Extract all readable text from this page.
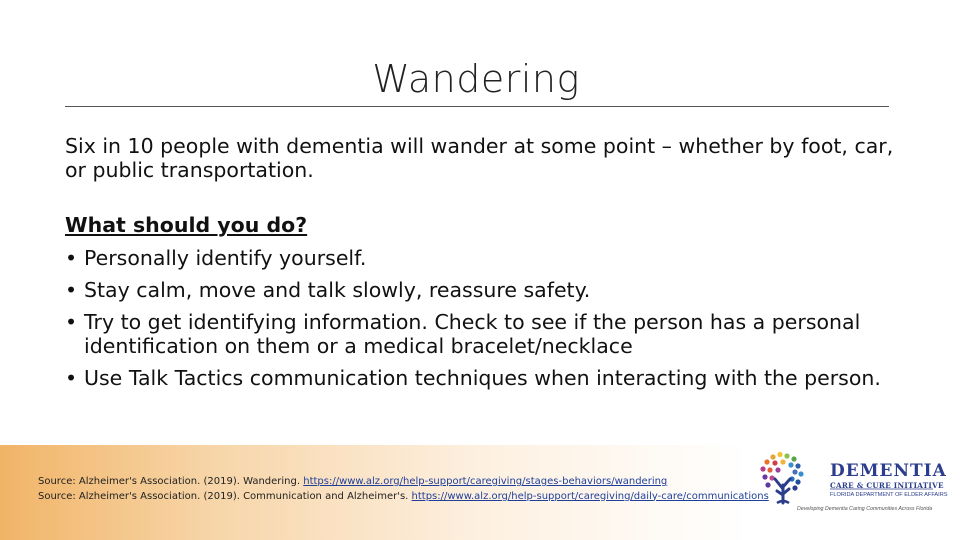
Wandering
Six in 10 people with dementia will wander at some point – whether by foot, car, or public transportation.
What should you do?
• Personally identify yourself.
• Stay calm, move and talk slowly, reassure safety.
• Try to get identifying information. Check to see if the person has a personal identification on them or a medical bracelet/necklace
• Use Talk Tactics communication techniques when interacting with the person.
Source: Alzheimer's Association. (2019). Wandering. https://www.alz.org/help-support/caregiving/stages-behaviors/wandering
Source: Alzheimer's Association. (2019). Communication and Alzheimer's. https://www.alz.org/help-support/caregiving/daily-care/communications
DEMENTIA
CARE & CURE INITIATIVE
FLORIDA DEPARTMENT OF ELDER AFFAIRS
Developing Dementia Caring Communities Across Florida
